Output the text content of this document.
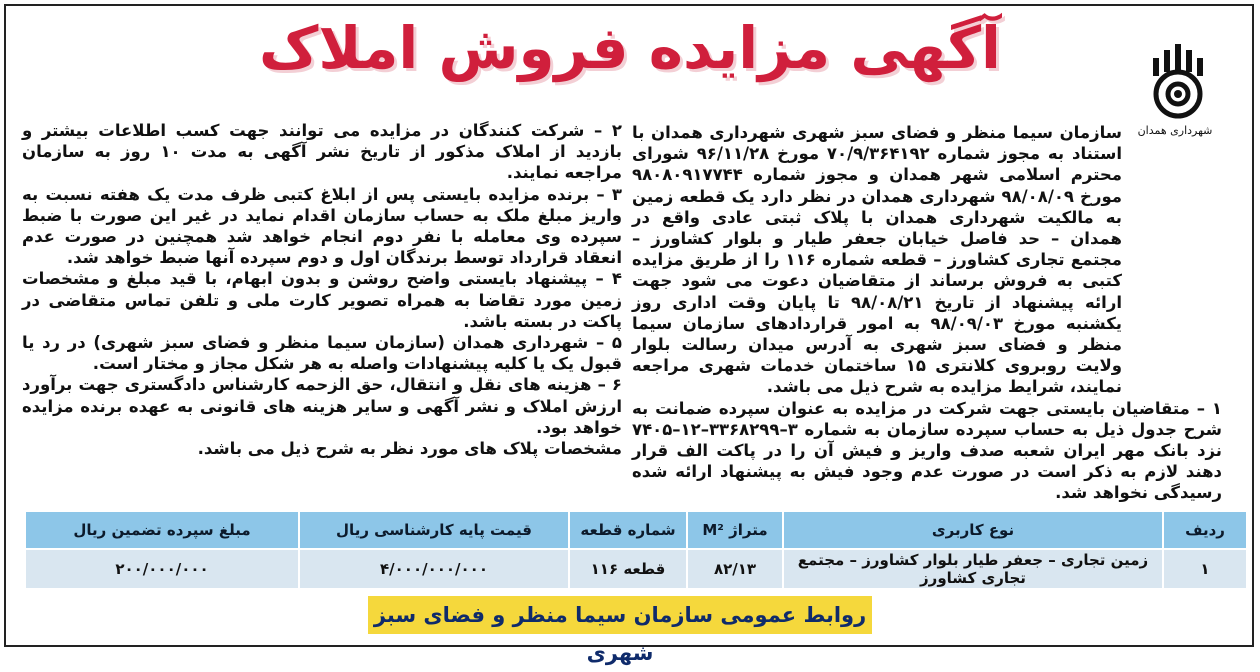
آگهی مزایده فروش املاک
شهرداری همدان

سازمان سیما منظر و فضای سبز شهری شهرداری همدان با استناد به مجوز شماره ۷۰/۹/۳۶۴۱۹۲ مورخ ۹۶/۱۱/۲۸ شورای محترم اسلامی شهر همدان و مجوز شماره ۹۸۰۸۰۹۱۷۷۴۴ مورخ ۹۸/۰۸/۰۹ شهرداری همدان در نظر دارد یک قطعه زمین به مالکیت شهرداری همدان با پلاک ثبتی عادی واقع در همدان – حد فاصل خیابان جعفر طیار و بلوار کشاورز – مجتمع تجاری کشاورز – قطعه شماره ۱۱۶ را از طریق مزایده کتبی به فروش برساند از متقاضیان دعوت می شود جهت ارائه پیشنهاد از تاریخ ۹۸/۰۸/۲۱ تا پایان وقت اداری روز یکشنبه مورخ ۹۸/۰۹/۰۳ به امور قراردادهای سازمان سیما منظر و فضای سبز شهری به آدرس میدان رسالت بلوار ولایت روبروی کلانتری ۱۵ ساختمان خدمات شهری مراجعه نمایند، شرایط مزایده به شرح ذیل می باشد.

۱ – متقاضیان بایستی جهت شرکت در مزایده به عنوان سپرده ضمانت به شرح جدول ذیل به حساب سپرده سازمان به شماره ۳–۳۳۶۸۲۹۹–۱۲–۷۴۰۵ نزد بانک مهر ایران شعبه صدف واریز و فیش آن را در پاکت الف قرار دهند لازم به ذکر است در صورت عدم وجود فیش به پیشنهاد ارائه شده رسیدگی نخواهد شد.

۲ – شرکت کنندگان در مزایده می توانند جهت کسب اطلاعات بیشتر و بازدید از املاک مذکور از تاریخ نشر آگهی به مدت ۱۰ روز به سازمان مراجعه نمایند.

۳ – برنده مزایده بایستی پس از ابلاغ کتبی ظرف مدت یک هفته نسبت به واریز مبلغ ملک به حساب سازمان اقدام نماید در غیر این صورت با ضبط سپرده وی معامله با نفر دوم انجام خواهد شد همچنین در صورت عدم انعقاد قرارداد توسط برندگان اول و دوم سپرده آنها ضبط خواهد شد.

۴ – پیشنهاد بایستی واضح روشن و بدون ابهام، با قید مبلغ و مشخصات زمین مورد تقاضا به همراه تصویر کارت ملی و تلفن تماس متقاضی در پاکت در بسته باشد.

۵ – شهرداری همدان (سازمان سیما منظر و فضای سبز شهری) در رد یا قبول یک یا کلیه پیشنهادات واصله به هر شکل مجاز و مختار است.

۶ – هزینه های نقل و انتقال، حق الزحمه کارشناس دادگستری جهت برآورد ارزش املاک و نشر آگهی و سایر هزینه های قانونی به عهده برنده مزایده خواهد بود.

مشخصات پلاک های مورد نظر به شرح ذیل می باشد.

ردیف	نوع کاربری	متراژ M²	شماره قطعه	قیمت پایه کارشناسی ریال	مبلغ سپرده تضمین ریال
۱	زمین تجاری – جعفر طیار بلوار کشاورز – مجتمع تجاری کشاورز	۸۲/۱۳	قطعه ۱۱۶	۴/۰۰۰/۰۰۰/۰۰۰	۲۰۰/۰۰۰/۰۰۰
روابط عمومی سازمان سیما منظر و فضای سبز شهری
